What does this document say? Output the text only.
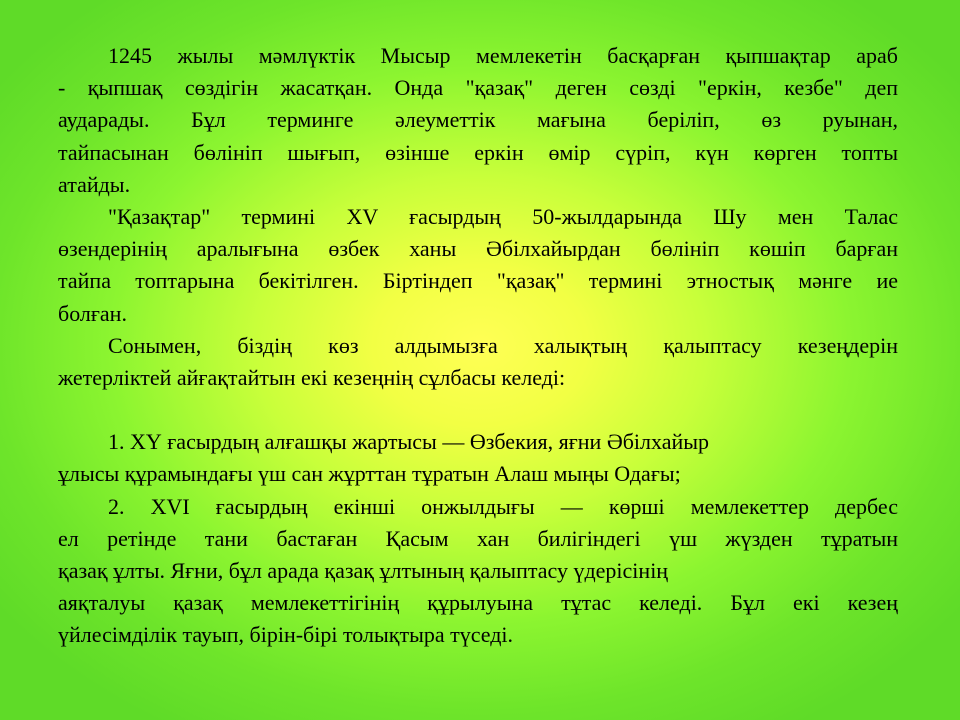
1245 жылы мәмлүктік Мысыр мемлекетін басқарған қыпшақтар араб
- қыпшақ сөздігін жасатқан. Онда "қазақ" деген сөзді "еркін, кезбе" деп
аударады. Бұл терминге әлеуметтік мағына беріліп, өз руынан,
тайпасынан бөлініп шығып, өзінше еркін өмір сүріп, күн көрген топты
атайды.
"Қазақтар" термині XV ғасырдың 50-жылдарында Шу мен Талас
өзендерінің аралығына өзбек ханы Әбілхайырдан бөлініп көшіп барған
тайпа топтарына бекітілген. Біртіндеп "қазақ" термині этностық мәнге ие
болған.
Сонымен, біздің көз алдымызға халықтың қалыптасу кезеңдерін
жетерліктей айғақтайтын екі кезеңнің сұлбасы келеді:
1. ХҮ ғасырдың алғашқы жартысы — Өзбекия, яғни Әбілхайыр
ұлысы құрамындағы үш сан жұрттан тұратын Алаш мыңы Одағы;
2. XVI ғасырдың екінші онжылдығы — көрші мемлекеттер дербес
ел ретінде тани бастаған Қасым хан билігіндегі үш жүзден тұратын
қазақ ұлты. Яғни, бұл арада қазақ ұлтының қалыптасу үдерісінің
аяқталуы қазақ мемлекеттігінің құрылуына тұтас келеді. Бұл екі кезең
үйлесімділік тауып, бірін-бірі толықтыра түседі.
